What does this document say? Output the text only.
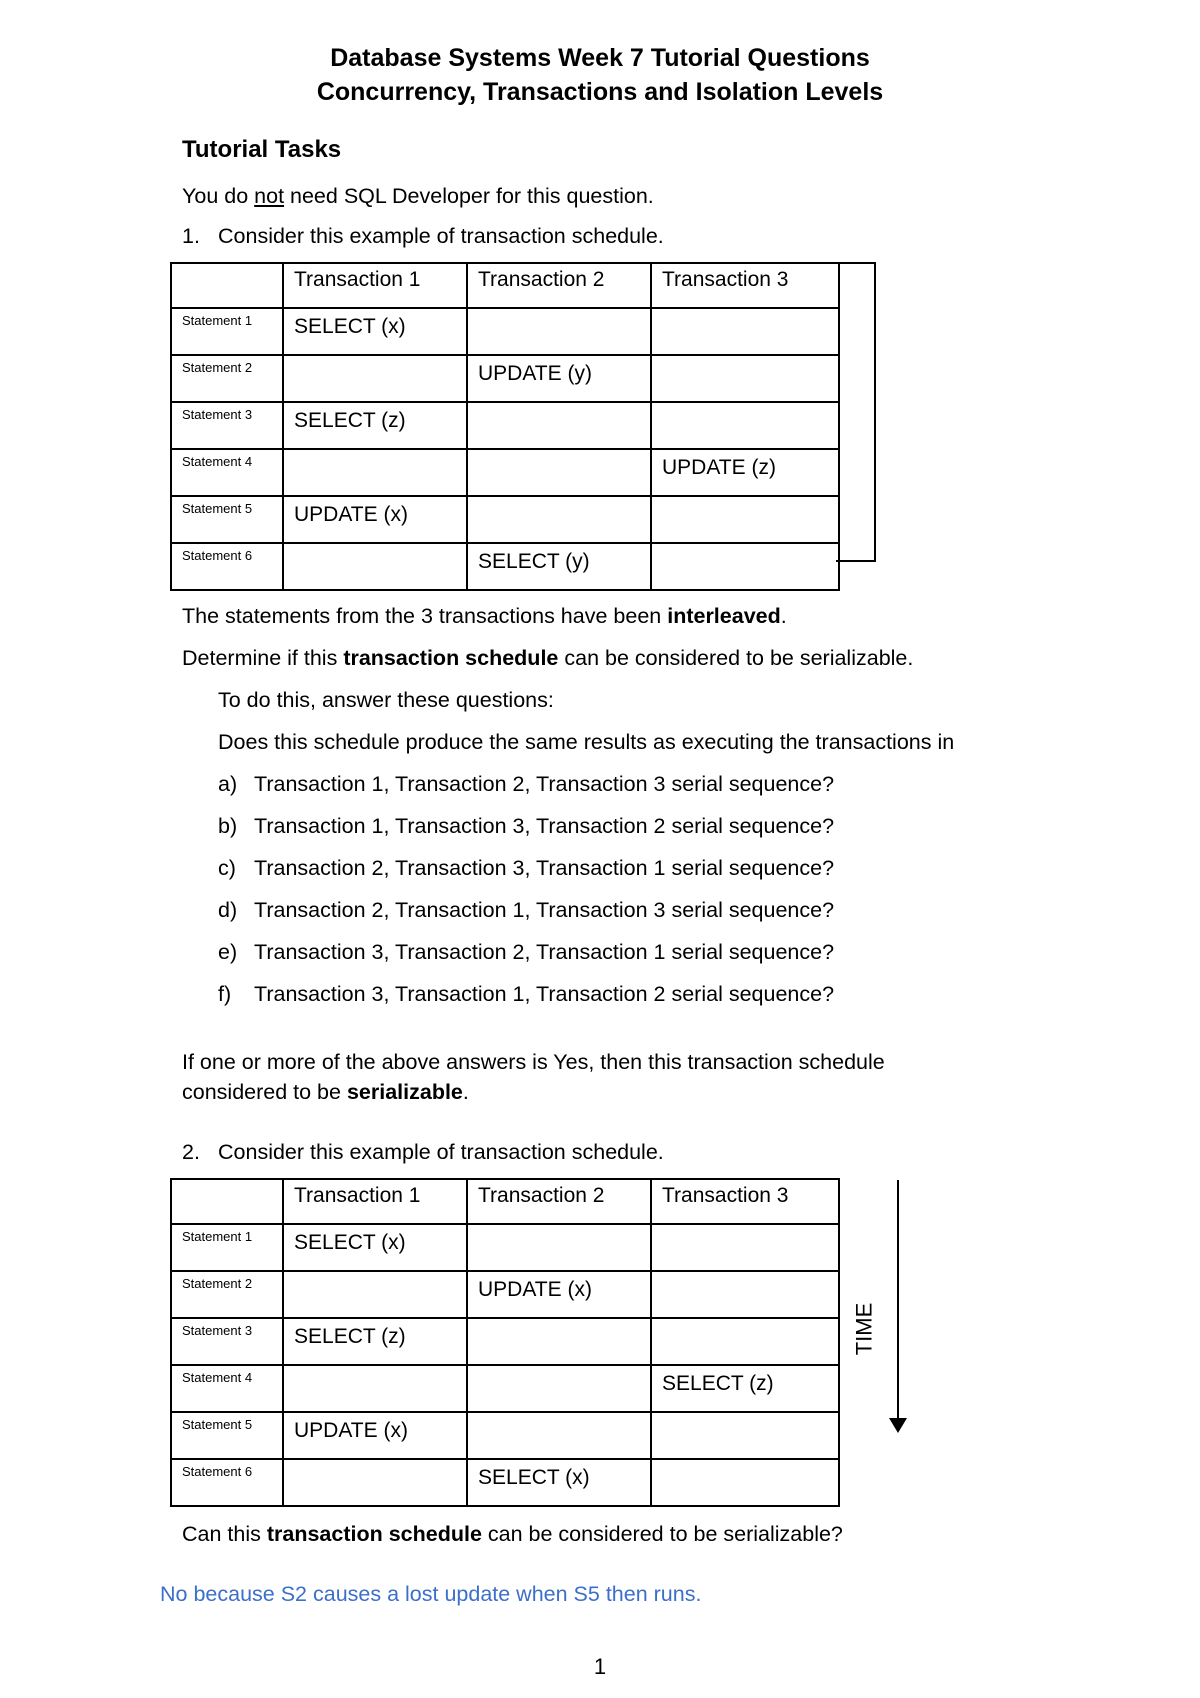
Database Systems Week 7 Tutorial Questions
Concurrency, Transactions and Isolation Levels
Tutorial Tasks
You do not need SQL Developer for this question.
1. Consider this example of transaction schedule.
	Transaction 1	Transaction 2	Transaction 3
Statement 1	SELECT (x)		
Statement 2		UPDATE (y)	
Statement 3	SELECT (z)		
Statement 4			UPDATE (z)
Statement 5	UPDATE (x)		
Statement 6		SELECT (y)	
The statements from the 3 transactions have been interleaved.
Determine if this transaction schedule can be considered to be serializable.
To do this, answer these questions:
Does this schedule produce the same results as executing the transactions in
a) Transaction 1, Transaction 2, Transaction 3 serial sequence?
b) Transaction 1, Transaction 3, Transaction 2 serial sequence?
c) Transaction 2, Transaction 3, Transaction 1 serial sequence?
d) Transaction 2, Transaction 1, Transaction 3 serial sequence?
e) Transaction 3, Transaction 2, Transaction 1 serial sequence?
f) Transaction 3, Transaction 1, Transaction 2 serial sequence?
If one or more of the above answers is Yes, then this transaction schedule
considered to be serializable.
2. Consider this example of transaction schedule.
	Transaction 1	Transaction 2	Transaction 3
Statement 1	SELECT (x)		
Statement 2		UPDATE (x)	
Statement 3	SELECT (z)		
Statement 4			SELECT (z)
Statement 5	UPDATE (x)		
Statement 6		SELECT (x)	
TIME
Can this transaction schedule can be considered to be serializable?
No because S2 causes a lost update when S5 then runs.
1
